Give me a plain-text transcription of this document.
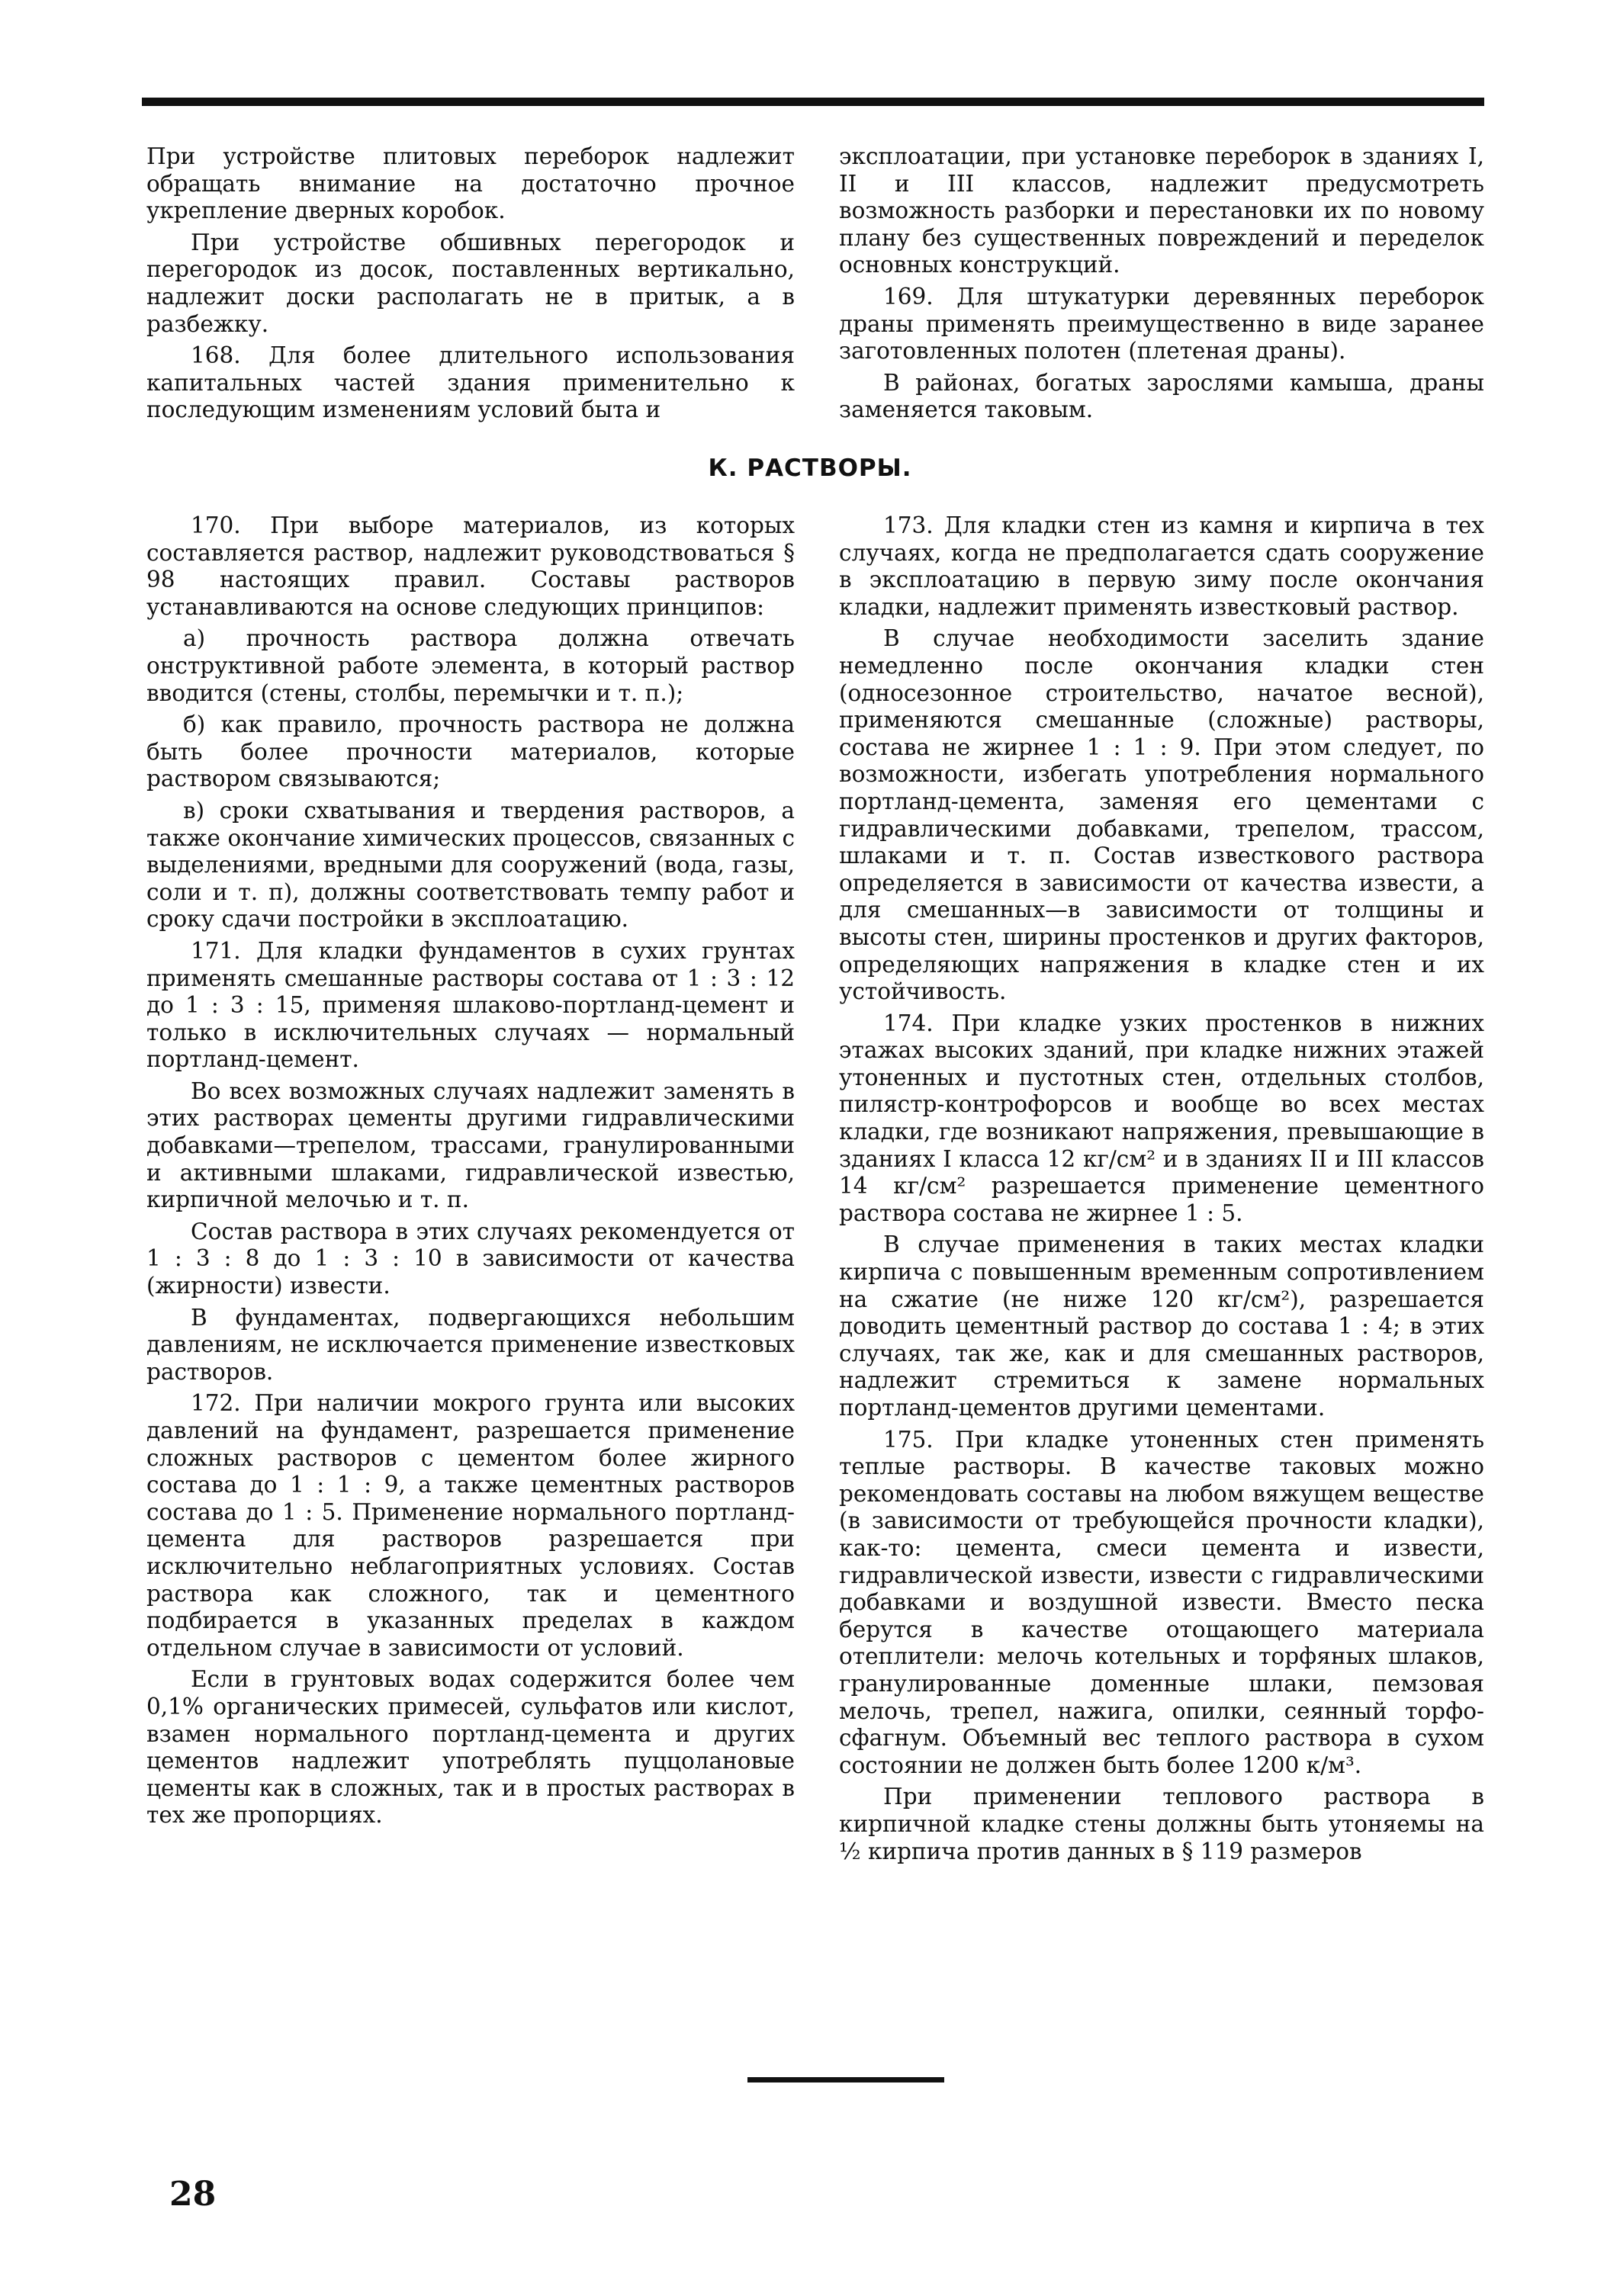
При устройстве плитовых переборок надлежит обращать внимание на достаточно прочное укрепление дверных коробок.

При устройстве обшивных перегородок и перегородок из досок, поставленных вертикально, надлежит доски располагать не в притык, а в разбежку.

168. Для более длительного использования капитальных частей здания применительно к последующим изменениям условий быта и

эксплоатации, при установке переборок в зданиях I, II и III классов, надлежит предусмотреть возможность разборки и перестановки их по новому плану без существенных повреждений и переделок основных конструкций.

169. Для штукатурки деревянных переборок драны применять преимущественно в виде заранее заготовленных полотен (плетеная драны).

В районах, богатых зарослями камыша, драны заменяется таковым.

К. РАСТВОРЫ.

170. При выборе материалов, из которых составляется раствор, надлежит руководствоваться § 98 настоящих правил. Составы растворов устанавливаются на основе следующих принципов:

а) прочность раствора должна отвечать онструктивной работе элемента, в который раствор вводится (стены, столбы, перемычки и т. п.);

б) как правило, прочность раствора не должна быть более прочности материалов, которые раствором связываются;

в) сроки схватывания и твердения растворов, а также окончание химических процессов, связанных с выделениями, вредными для сооружений (вода, газы, соли и т. п), должны соответствовать темпу работ и сроку сдачи постройки в эксплоатацию.

171. Для кладки фундаментов в сухих грунтах применять смешанные растворы состава от 1 : 3 : 12 до 1 : 3 : 15, применяя шлаково-портланд-цемент и только в исключительных случаях — нормальный портланд-цемент.

Во всех возможных случаях надлежит заменять в этих растворах цементы другими гидравлическими добавками—трепелом, трассами, гранулированными и активными шлаками, гидравлической известью, кирпичной мелочью и т. п.

Состав раствора в этих случаях рекомендуется от 1 : 3 : 8 до 1 : 3 : 10 в зависимости от качества (жирности) извести.

В фундаментах, подвергающихся небольшим давлениям, не исключается применение известковых растворов.

172. При наличии мокрого грунта или высоких давлений на фундамент, разрешается применение сложных растворов с цементом более жирного состава до 1 : 1 : 9, а также цементных растворов состава до 1 : 5. Применение нормального портланд-цемента для растворов разрешается при исключительно неблагоприятных условиях. Состав раствора как сложного, так и цементного подбирается в указанных пределах в каждом отдельном случае в зависимости от условий.

Если в грунтовых водах содержится более чем 0,1% органических примесей, сульфатов или кислот, взамен нормального портланд-цемента и других цементов надлежит употреблять пуццолановые цементы как в сложных, так и в простых растворах в тех же пропорциях.

173. Для кладки стен из камня и кирпича в тех случаях, когда не предполагается сдать сооружение в эксплоатацию в первую зиму после окончания кладки, надлежит применять известковый раствор.

В случае необходимости заселить здание немедленно после окончания кладки стен (односезонное строительство, начатое весной), применяются смешанные (сложные) растворы, состава не жирнее 1 : 1 : 9. При этом следует, по возможности, избегать употребления нормального портланд-цемента, заменяя его цементами с гидравлическими добавками, трепелом, трассом, шлаками и т. п. Состав известкового раствора определяется в зависимости от качества извести, а для смешанных—в зависимости от толщины и высоты стен, ширины простенков и других факторов, определяющих напряжения в кладке стен и их устойчивость.

174. При кладке узких простенков в нижних этажах высоких зданий, при кладке нижних этажей утоненных и пустотных стен, отдельных столбов, пилястр-контрофорсов и вообще во всех местах кладки, где возникают напряжения, превышающие в зданиях I класса 12 кг/см² и в зданиях II и III классов 14 кг/см² разрешается применение цементного раствора состава не жирнее 1 : 5.

В случае применения в таких местах кладки кирпича с повышенным временным сопротивлением на сжатие (не ниже 120 кг/см²), разрешается доводить цементный раствор до состава 1 : 4; в этих случаях, так же, как и для смешанных растворов, надлежит стремиться к замене нормальных портланд-цементов другими цементами.

175. При кладке утоненных стен применять теплые растворы. В качестве таковых можно рекомендовать составы на любом вяжущем веществе (в зависимости от требующейся прочности кладки), как-то: цемента, смеси цемента и извести, гидравлической извести, извести с гидравлическими добавками и воздушной извести. Вместо песка берутся в качестве отощающего материала отеплители: мелочь котельных и торфяных шлаков, гранулированные доменные шлаки, пемзовая мелочь, трепел, нажига, опилки, сеянный торфо-сфагнум. Объемный вес теплого раствора в сухом состоянии не должен быть более 1200 к/м³.

При применении теплового раствора в кирпичной кладке стены должны быть утоняемы на ½ кирпича против данных в § 119 размеров

28
